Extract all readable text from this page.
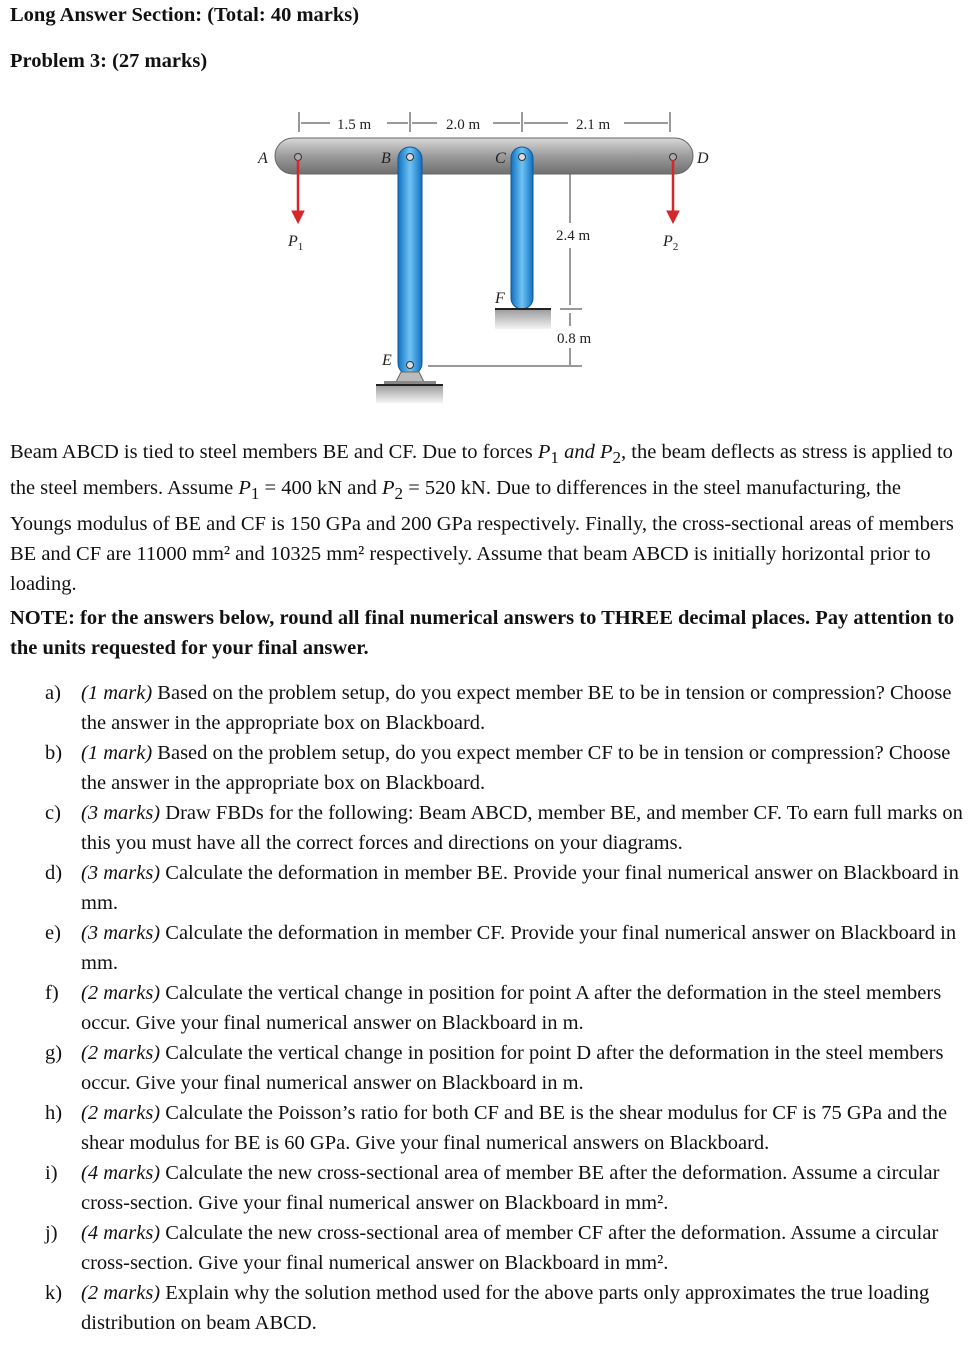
Long Answer Section: (Total: 40 marks)
Problem 3: (27 marks)
1.5 m	2.0 m	2.1 m
2.4 m
0.8 m
A	B	C	D
E
F
$P_1$	$P_2$
Beam ABCD is tied to steel members BE and CF. Due to forces $P_1$ and $P_2$, the beam deflects as stress is applied to the steel members. Assume $P_1 = 400$ kN and $P_2 = 520$ kN. Due to differences in the steel manufacturing, the Youngs modulus of BE and CF is 150 GPa and 200 GPa respectively. Finally, the cross-sectional areas of members BE and CF are 11000 mm² and 10325 mm² respectively. Assume that beam ABCD is initially horizontal prior to loading.
NOTE: for the answers below, round all final numerical answers to THREE decimal places. Pay attention to the units requested for your final answer.
a) (1 mark) Based on the problem setup, do you expect member BE to be in tension or compression? Choose the answer in the appropriate box on Blackboard.
b) (1 mark) Based on the problem setup, do you expect member CF to be in tension or compression? Choose the answer in the appropriate box on Blackboard.
c) (3 marks) Draw FBDs for the following: Beam ABCD, member BE, and member CF. To earn full marks on this you must have all the correct forces and directions on your diagrams.
d) (3 marks) Calculate the deformation in member BE. Provide your final numerical answer on Blackboard in mm.
e) (3 marks) Calculate the deformation in member CF. Provide your final numerical answer on Blackboard in mm.
f) (2 marks) Calculate the vertical change in position for point A after the deformation in the steel members occur. Give your final numerical answer on Blackboard in m.
g) (2 marks) Calculate the vertical change in position for point D after the deformation in the steel members occur. Give your final numerical answer on Blackboard in m.
h) (2 marks) Calculate the Poisson’s ratio for both CF and BE is the shear modulus for CF is 75 GPa and the shear modulus for BE is 60 GPa. Give your final numerical answers on Blackboard.
i) (4 marks) Calculate the new cross-sectional area of member BE after the deformation. Assume a circular cross-section. Give your final numerical answer on Blackboard in mm².
j) (4 marks) Calculate the new cross-sectional area of member CF after the deformation. Assume a circular cross-section. Give your final numerical answer on Blackboard in mm².
k) (2 marks) Explain why the solution method used for the above parts only approximates the true loading distribution on beam ABCD.
